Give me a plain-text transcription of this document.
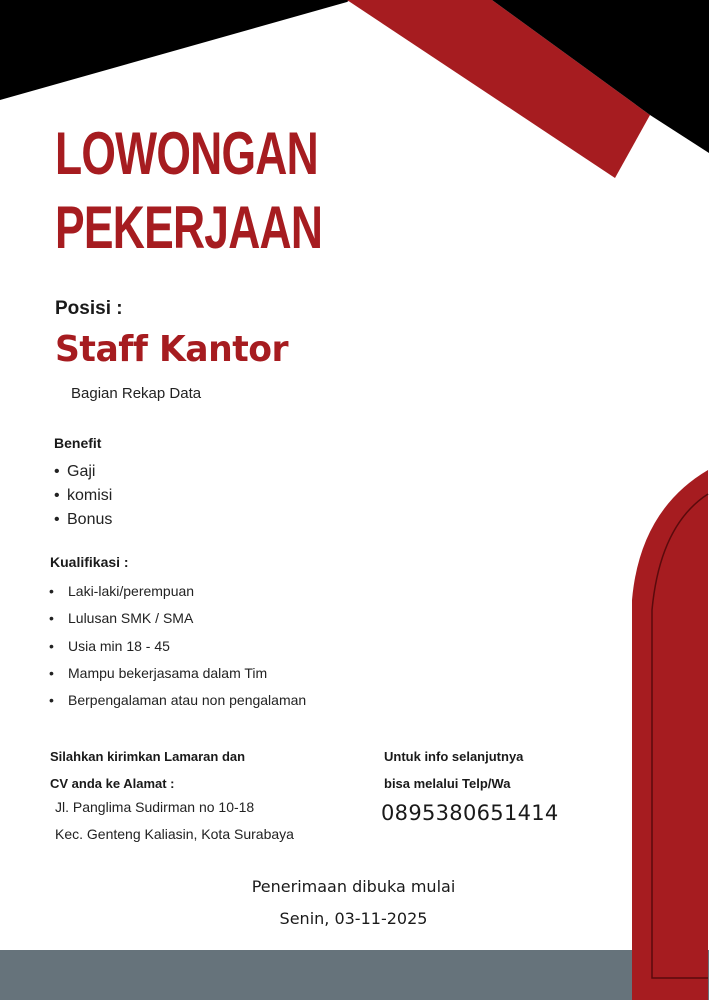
LOWONGAN
PEKERJAAN
Posisi :
Staff Kantor
Bagian Rekap Data
Benefit
• Gaji
• komisi
• Bonus
Kualifikasi :
• Laki-laki/perempuan
• Lulusan SMK / SMA
• Usia min 18 - 45
• Mampu bekerjasama dalam Tim
• Berpengalaman atau non pengalaman
Silahkan kirimkan Lamaran dan
CV anda ke Alamat :
Jl. Panglima Sudirman no 10-18
Kec. Genteng Kaliasin, Kota Surabaya
Untuk info selanjutnya
bisa melalui Telp/Wa
0895380651414
Penerimaan dibuka mulai
Senin, 03-11-2025
